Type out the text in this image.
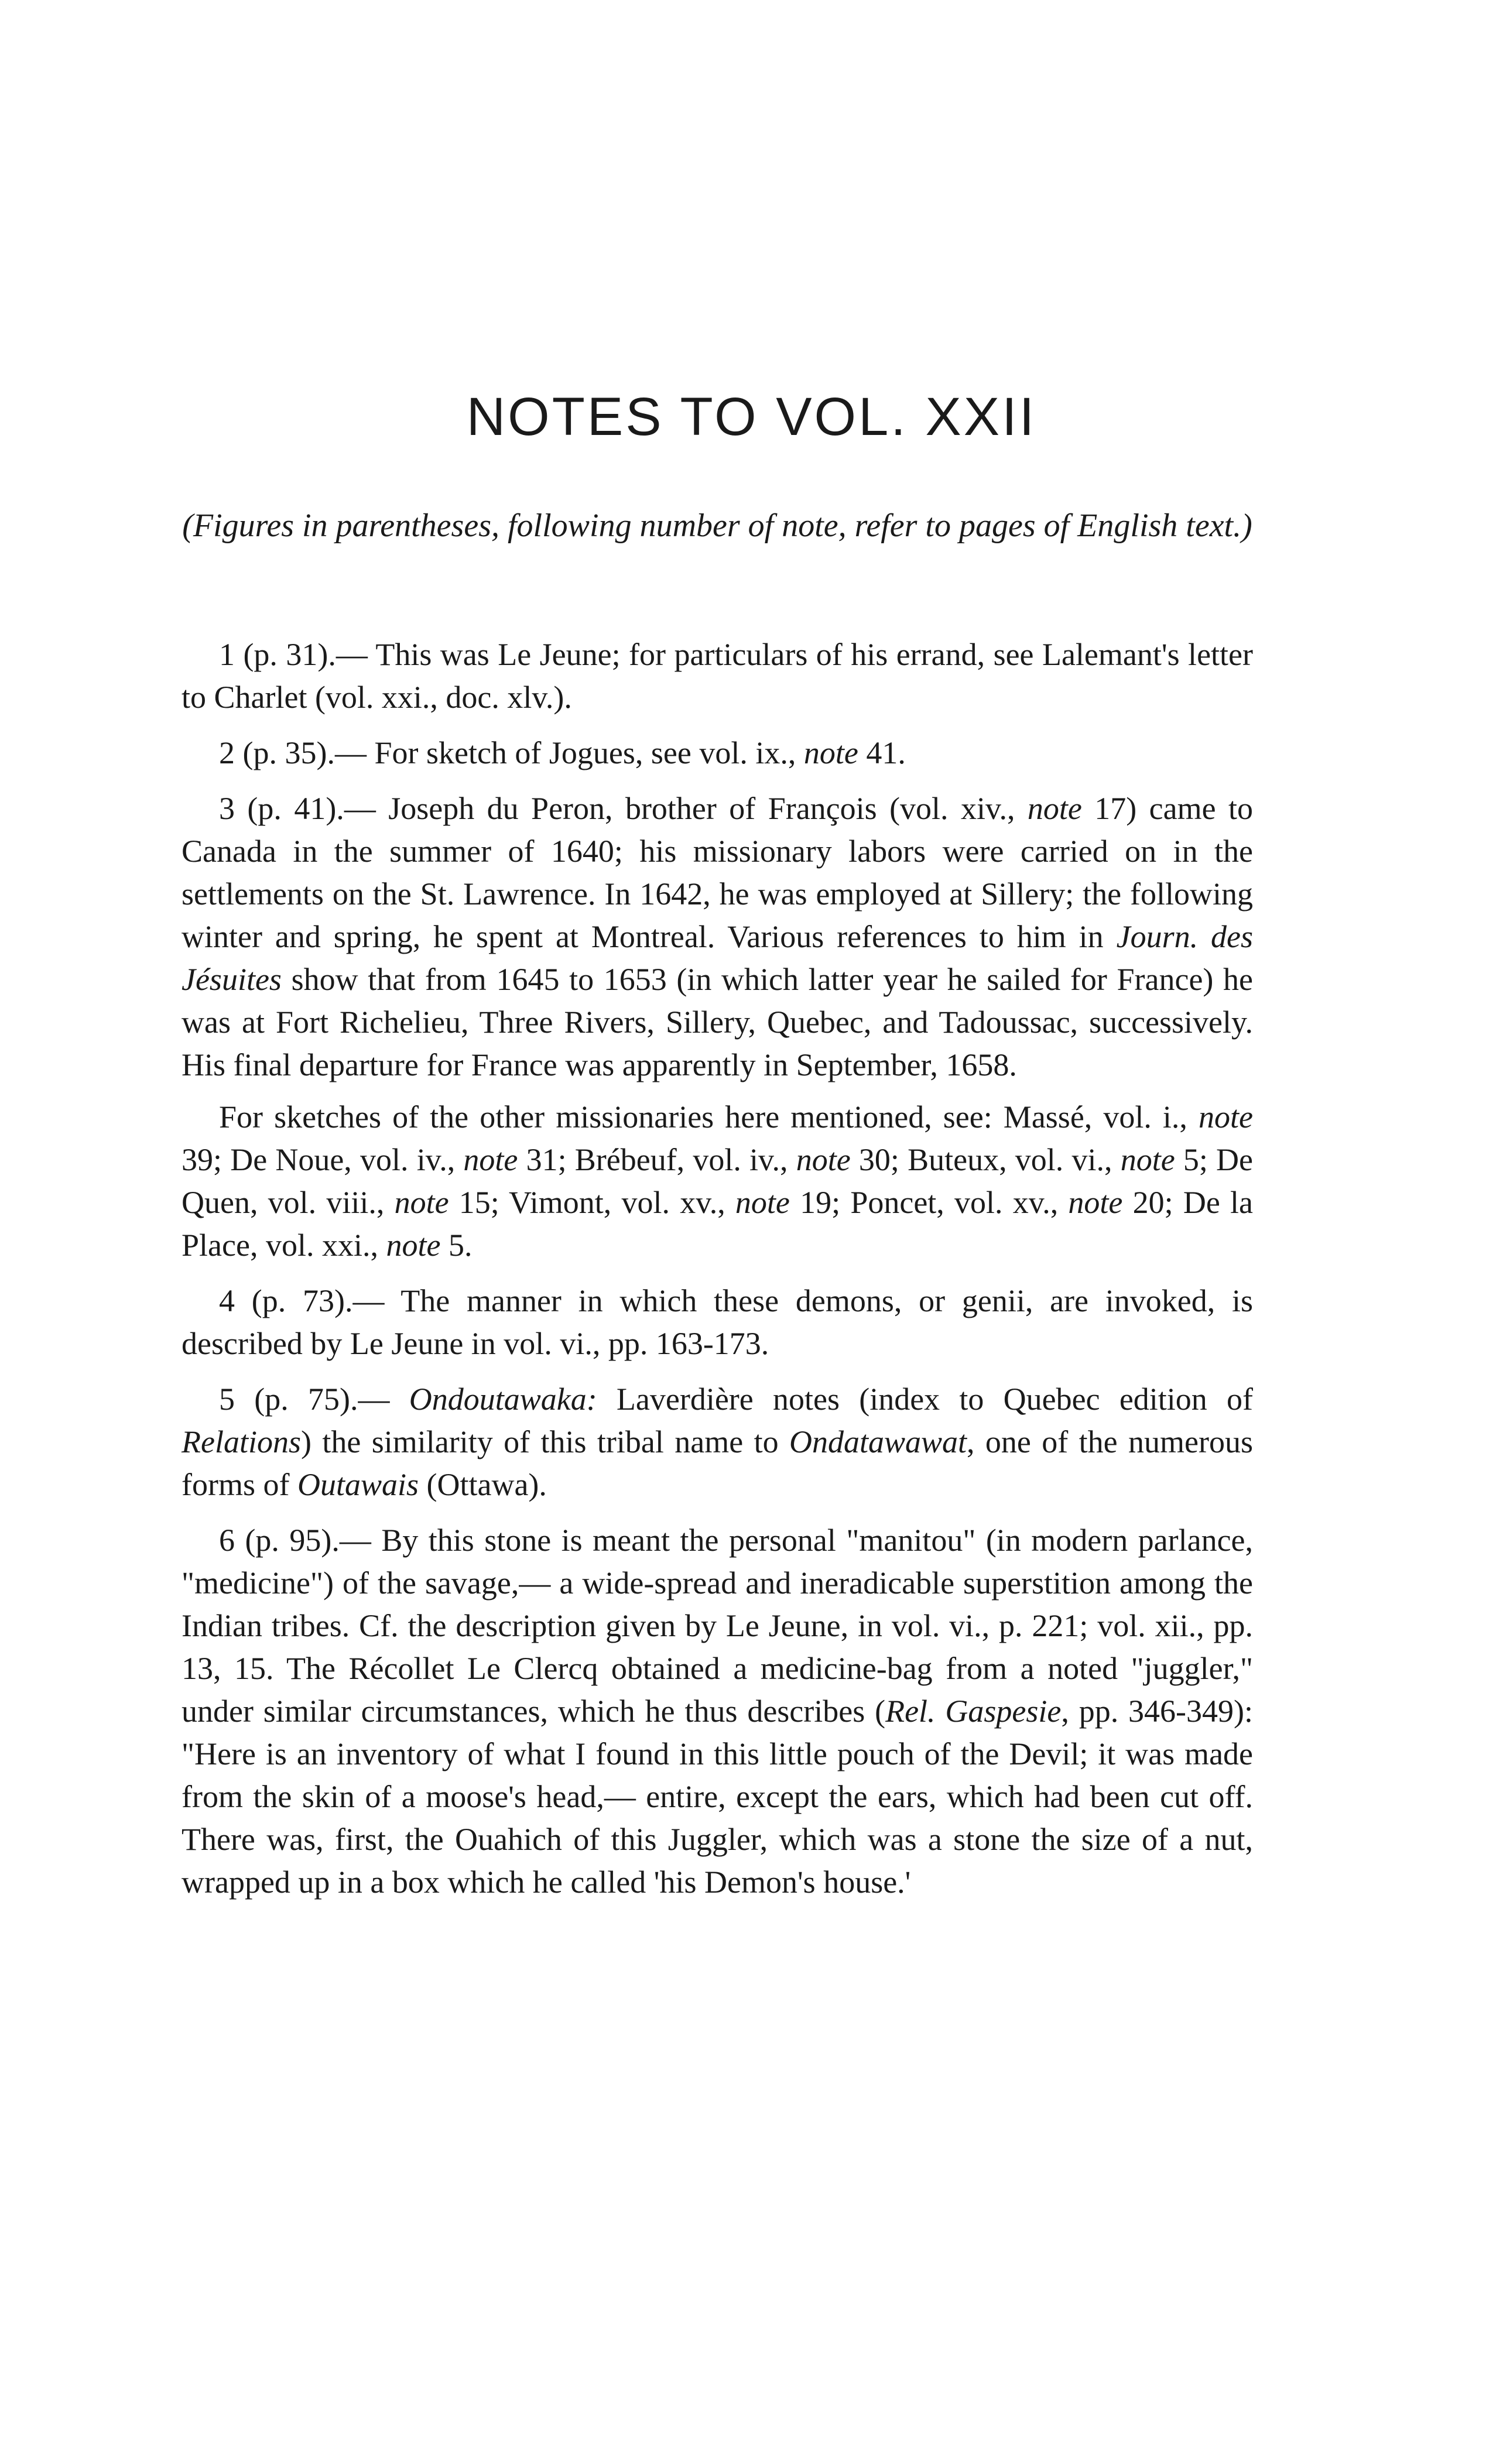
NOTES TO VOL. XXII

(Figures in parentheses, following number of note, refer to pages of English text.)

1 (p. 31).— This was Le Jeune; for particulars of his errand, see Lalemant's letter to Charlet (vol. xxi., doc. xlv.).

2 (p. 35).— For sketch of Jogues, see vol. ix., note 41.

3 (p. 41).— Joseph du Peron, brother of François (vol. xiv., note 17) came to Canada in the summer of 1640; his missionary labors were carried on in the settlements on the St. Lawrence. In 1642, he was employed at Sillery; the following winter and spring, he spent at Montreal. Various references to him in Journ. des Jésuites show that from 1645 to 1653 (in which latter year he sailed for France) he was at Fort Richelieu, Three Rivers, Sillery, Quebec, and Tadoussac, successively. His final departure for France was apparently in September, 1658.

For sketches of the other missionaries here mentioned, see: Massé, vol. i., note 39; De Noue, vol. iv., note 31; Brébeuf, vol. iv., note 30; Buteux, vol. vi., note 5; De Quen, vol. viii., note 15; Vimont, vol. xv., note 19; Poncet, vol. xv., note 20; De la Place, vol. xxi., note 5.

4 (p. 73).— The manner in which these demons, or genii, are invoked, is described by Le Jeune in vol. vi., pp. 163-173.

5 (p. 75).— Ondoutawaka: Laverdière notes (index to Quebec edition of Relations) the similarity of this tribal name to Ondatawawat, one of the numerous forms of Outawais (Ottawa).

6 (p. 95).— By this stone is meant the personal "manitou" (in modern parlance, "medicine") of the savage,— a wide-spread and ineradicable superstition among the Indian tribes. Cf. the description given by Le Jeune, in vol. vi., p. 221; vol. xii., pp. 13, 15. The Récollet Le Clercq obtained a medicine-bag from a noted "juggler," under similar circumstances, which he thus describes (Rel. Gaspesie, pp. 346-349): "Here is an inventory of what I found in this little pouch of the Devil; it was made from the skin of a moose's head,— entire, except the ears, which had been cut off. There was, first, the Ouahich of this Juggler, which was a stone the size of a nut, wrapped up in a box which he called 'his Demon's house.'
